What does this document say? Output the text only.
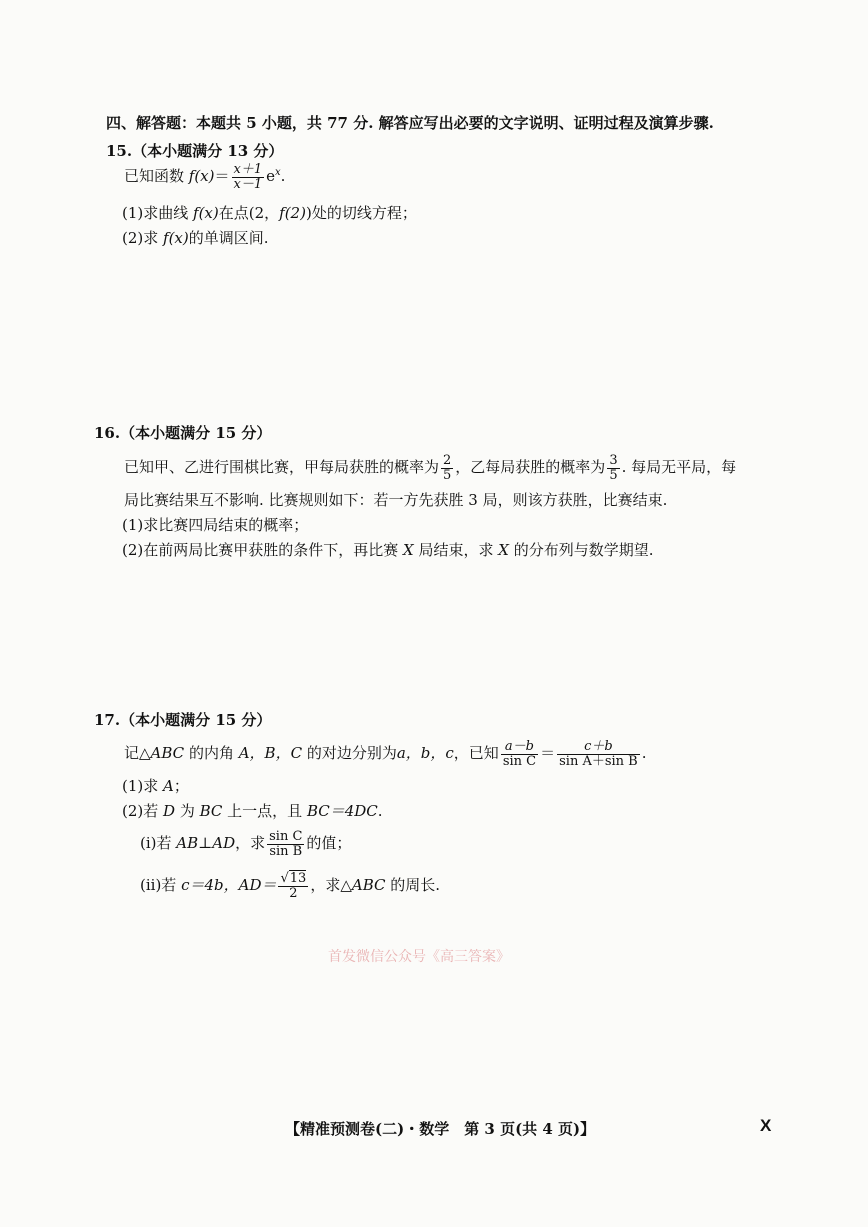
四、解答题：本题共 5 小题，共 77 分. 解答应写出必要的文字说明、证明过程及演算步骤.
15.（本小题满分 13 分）
已知函数 $f(x)= \frac{x+1}{x-1} e^x$.
(1)求曲线 f(x)在点(2，f(2))处的切线方程；
(2)求 f(x)的单调区间.
16.（本小题满分 15 分）
已知甲、乙进行围棋比赛，甲每局获胜的概率为 $\frac{2}{5}$ ，乙每局获胜的概率为 $\frac{3}{5}$ . 每局无平局，每
局比赛结果互不影响. 比赛规则如下：若一方先获胜 3 局，则该方获胜，比赛结束.
(1)求比赛四局结束的概率；
(2)在前两局比赛甲获胜的条件下，再比赛 X 局结束，求 X 的分布列与数学期望.
17.（本小题满分 15 分）
记△ABC 的内角 A，B，C 的对边分别为a，b，c，已知 $\frac{a-b}{\text{sin C}} = \frac{c+b}{\text{sin A＋sin B}}$ .
(1)求 A；
(2)若 D 为 BC 上一点，且 BC＝4DC.
(i)若 AB⊥AD，求 $\frac{\text{sin C}}{\text{sin B}}$ 的值；
(ii)若 c＝4b，$AD= \frac{√13}{2}$ ，求△ABC 的周长.
首发微信公众号《高三答案》
【精准预测卷(二)・数学　第 3 页(共 4 页)】	X
